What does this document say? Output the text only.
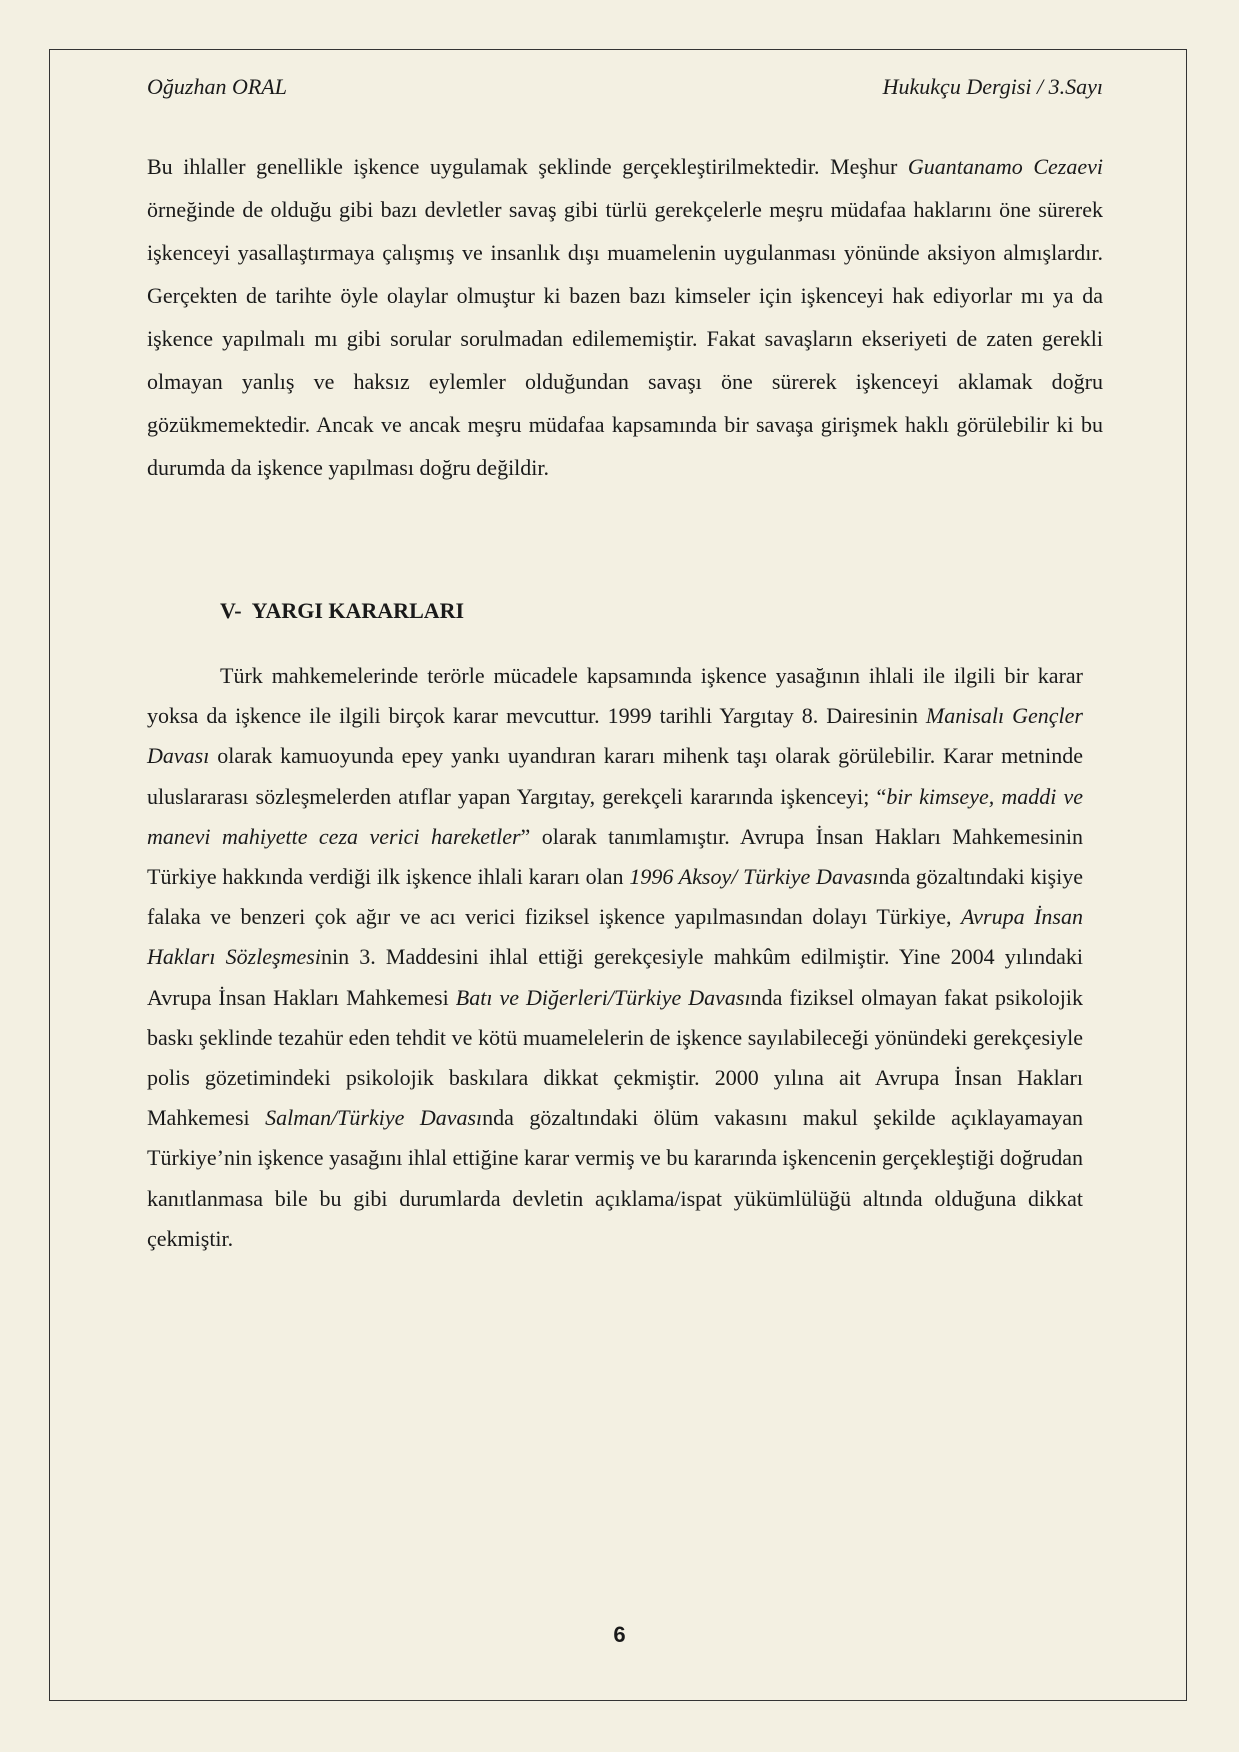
Oğuzhan ORAL	Hukukçu Dergisi / 3.Sayı

Bu ihlaller genellikle işkence uygulamak şeklinde gerçekleştirilmektedir. Meşhur Guantanamo Cezaevi örneğinde de olduğu gibi bazı devletler savaş gibi türlü gerekçelerle meşru müdafaa haklarını öne sürerek işkenceyi yasallaştırmaya çalışmış ve insanlık dışı muamelenin uygulanması yönünde aksiyon almışlardır. Gerçekten de tarihte öyle olaylar olmuştur ki bazen bazı kimseler için işkenceyi hak ediyorlar mı ya da işkence yapılmalı mı gibi sorular sorulmadan edilememiştir. Fakat savaşların ekseriyeti de zaten gerekli olmayan yanlış ve haksız eylemler olduğundan savaşı öne sürerek işkenceyi aklamak doğru gözükmemektedir. Ancak ve ancak meşru müdafaa kapsamında bir savaşa girişmek haklı görülebilir ki bu durumda da işkence yapılması doğru değildir.

V- YARGI KARARLARI

Türk mahkemelerinde terörle mücadele kapsamında işkence yasağının ihlali ile ilgili bir karar yoksa da işkence ile ilgili birçok karar mevcuttur. 1999 tarihli Yargıtay 8. Dairesinin Manisalı Gençler Davası olarak kamuoyunda epey yankı uyandıran kararı mihenk taşı olarak görülebilir. Karar metninde uluslararası sözleşmelerden atıflar yapan Yargıtay, gerekçeli kararında işkenceyi; “bir kimseye, maddi ve manevi mahiyette ceza verici hareketler” olarak tanımlamıştır. Avrupa İnsan Hakları Mahkemesinin Türkiye hakkında verdiği ilk işkence ihlali kararı olan 1996 Aksoy/ Türkiye Davasında gözaltındaki kişiye falaka ve benzeri çok ağır ve acı verici fiziksel işkence yapılmasından dolayı Türkiye, Avrupa İnsan Hakları Sözleşmesinin 3. Maddesini ihlal ettiği gerekçesiyle mahkûm edilmiştir. Yine 2004 yılındaki Avrupa İnsan Hakları Mahkemesi Batı ve Diğerleri/Türkiye Davasında fiziksel olmayan fakat psikolojik baskı şeklinde tezahür eden tehdit ve kötü muamelelerin de işkence sayılabileceği yönündeki gerekçesiyle polis gözetimindeki psikolojik baskılara dikkat çekmiştir. 2000 yılına ait Avrupa İnsan Hakları Mahkemesi Salman/Türkiye Davasında gözaltındaki ölüm vakasını makul şekilde açıklayamayan Türkiye’nin işkence yasağını ihlal ettiğine karar vermiş ve bu kararında işkencenin gerçekleştiği doğrudan kanıtlanmasa bile bu gibi durumlarda devletin açıklama/ispat yükümlülüğü altında olduğuna dikkat çekmiştir.

6
